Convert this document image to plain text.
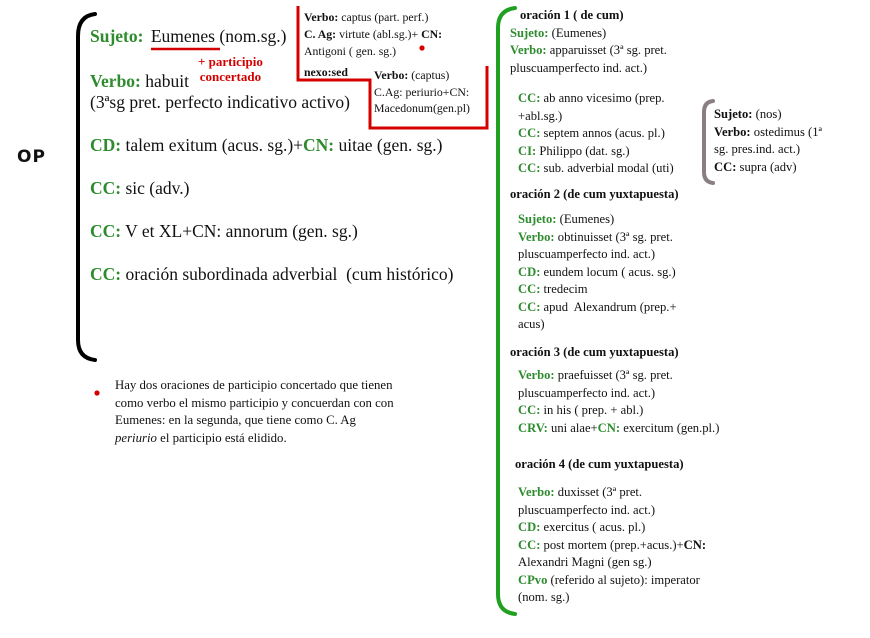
OP
Sujeto: Eumenes (nom.sg.)
+ participio
concertado
Verbo: habuit
(3ªsg pret. perfecto indicativo activo)
CD: talem exitum (acus. sg.)+CN: uitae (gen. sg.)
CC: sic (adv.)
CC: V et XL+CN: annorum (gen. sg.)
CC: oración subordinada adverbial  (cum histórico)
Verbo: captus (part. perf.)
C. Ag: virtute (abl.sg.)+ CN:
Antigoni ( gen. sg.)
nexo:sed Verbo: (captus)
C.Ag: periurio+CN:
Macedonum(gen.pl)
Hay dos oraciones de participio concertado que tienen
como verbo el mismo participio y concuerdan con con
Eumenes: en la segunda, que tiene como C. Ag
periurio el participio está elidido.
oración 1 ( de cum)
Sujeto: (Eumenes)
Verbo: apparuisset (3ª sg. pret.
pluscuamperfecto ind. act.)
CC: ab anno vicesimo (prep.
+abl.sg.)
CC: septem annos (acus. pl.)
CI: Philippo (dat. sg.)
CC: sub. adverbial modal (uti)
Sujeto: (nos)
Verbo: ostedimus (1ª
sg. pres.ind. act.)
CC: supra (adv)
oración 2 (de cum yuxtapuesta)
Sujeto: (Eumenes)
Verbo: obtinuisset (3ª sg. pret.
pluscuamperfecto ind. act.)
CD: eundem locum ( acus. sg.)
CC: tredecim
CC: apud  Alexandrum (prep.+
acus)
oración 3 (de cum yuxtapuesta)
Verbo: praefuisset (3ª sg. pret.
pluscuamperfecto ind. act.)
CC: in his ( prep. + abl.)
CRV: uni alae+CN: exercitum (gen.pl.)
oración 4 (de cum yuxtapuesta)
Verbo: duxisset (3ª pret.
pluscuamperfecto ind. act.)
CD: exercitus ( acus. pl.)
CC: post mortem (prep.+acus.)+CN:
Alexandri Magni (gen sg.)
CPvo (referido al sujeto): imperator
(nom. sg.)
